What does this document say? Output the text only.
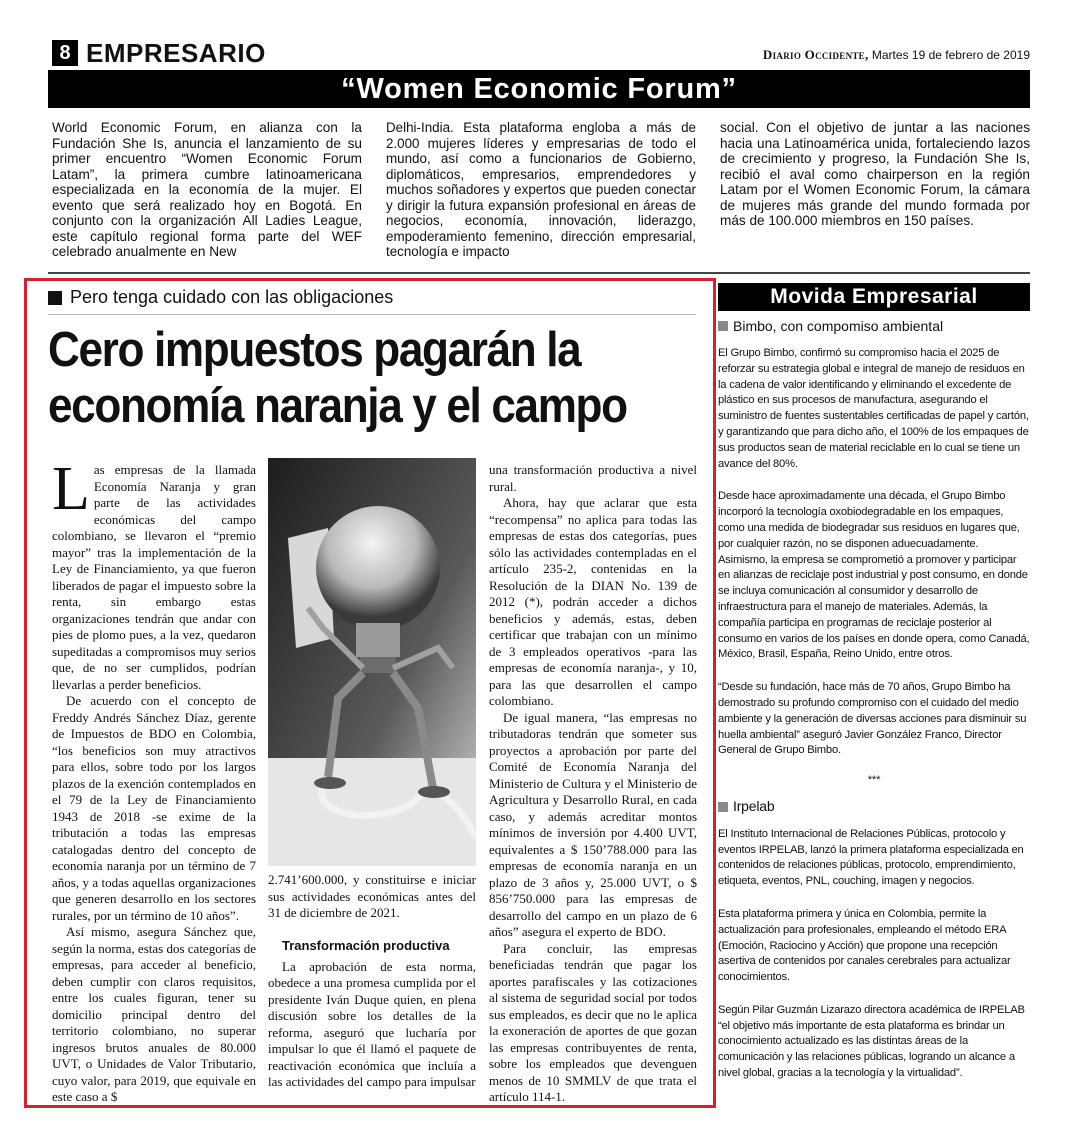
8 EMPRESARIO	Diario Occidente, Martes 19 de febrero de 2019
“Women Economic Forum”
World Economic Forum, en alianza con la Fundación She Is, anuncia el lanzamiento de su primer encuentro “Women Economic Forum Latam”, la primera cumbre latinoamericana especializada en la economía de la mujer. El evento que será realizado hoy en Bogotá. En conjunto con la organización All Ladies League, este capítulo regional forma parte del WEF celebrado anualmente en New
Delhi-India. Esta plataforma engloba a más de 2.000 mujeres líderes y empresarias de todo el mundo, así como a funcionarios de Gobierno, diplomáticos, empresarios, emprendedores y muchos soñadores y expertos que pueden conectar y dirigir la futura expansión profesional en áreas de negocios, economía, innovación, liderazgo, empoderamiento femenino, dirección empresarial, tecnología e impacto
social. Con el objetivo de juntar a las naciones hacia una Latinoamérica unida, fortaleciendo lazos de crecimiento y progreso, la Fundación She Is, recibió el aval como chairperson en la región Latam por el Women Economic Forum, la cámara de mujeres más grande del mundo formada por más de 100.000 miembros en 150 países.
Pero tenga cuidado con las obligaciones
Cero impuestos pagarán la economía naranja y el campo

Las empresas de la llamada Economía Naranja y gran parte de las actividades económicas del campo colombiano, se llevaron el “premio mayor” tras la implementación de la Ley de Financiamiento, ya que fueron liberados de pagar el impuesto sobre la renta, sin embargo estas organizaciones tendrán que andar con pies de plomo pues, a la vez, quedaron supeditadas a compromisos muy serios que, de no ser cumplidos, podrían llevarlas a perder beneficios.

De acuerdo con el concepto de Freddy Andrés Sánchez Díaz, gerente de Impuestos de BDO en Colombia, “los beneficios son muy atractivos para ellos, sobre todo por los largos plazos de la exención contemplados en el 79 de la Ley de Financiamiento 1943 de 2018 -se exime de la tributación a todas las empresas catalogadas dentro del concepto de economía naranja por un término de 7 años, y a todas aquellas organizaciones que generen desarrollo en los sectores rurales, por un término de 10 años”.

Así mismo, asegura Sánchez que, según la norma, estas dos categorías de empresas, para acceder al beneficio, deben cumplir con claros requisitos, entre los cuales figuran, tener su domicilio principal dentro del territorio colombiano, no superar ingresos brutos anuales de 80.000 UVT, o Unidades de Valor Tributario, cuyo valor, para 2019, que equivale en este caso a $

2.741’600.000, y constituirse e iniciar sus actividades económicas antes del 31 de diciembre de 2021.

Transformación productiva

La aprobación de esta norma, obedece a una promesa cumplida por el presidente Iván Duque quien, en plena discusión sobre los detalles de la reforma, aseguró que lucharía por impulsar lo que él llamó el paquete de reactivación económica que incluía a las actividades del campo para impulsar

una transformación productiva a nivel rural.

Ahora, hay que aclarar que esta “recompensa” no aplica para todas las empresas de estas dos categorías, pues sólo las actividades contempladas en el artículo 235-2, contenidas en la Resolución de la DIAN No. 139 de 2012 (*), podrán acceder a dichos beneficios y además, estas, deben certificar que trabajan con un mínimo de 3 empleados operativos -para las empresas de economía naranja-, y 10, para las que desarrollen el campo colombiano.

De igual manera, “las empresas no tributadoras tendrán que someter sus proyectos a aprobación por parte del Comité de Economía Naranja del Ministerio de Cultura y el Ministerio de Agricultura y Desarrollo Rural, en cada caso, y además acreditar montos mínimos de inversión por 4.400 UVT, equivalentes a $ 150’788.000 para las empresas de economía naranja en un plazo de 3 años y, 25.000 UVT, o $ 856’750.000 para las empresas de desarrollo del campo en un plazo de 6 años” asegura el experto de BDO.

Para concluir, las empresas beneficiadas tendrán que pagar los aportes parafiscales y las cotizaciones al sistema de seguridad social por todos sus empleados, es decir que no le aplica la exoneración de aportes de que gozan las empresas contribuyentes de renta, sobre los empleados que devenguen menos de 10 SMMLV de que trata el artículo 114-1.

Movida Empresarial
Bimbo, con compomiso ambiental

El Grupo Bimbo, confirmó su compromiso hacia el 2025 de reforzar su estrategia global e integral de manejo de residuos en la cadena de valor identificando y eliminando el excedente de plástico en sus procesos de manufactura, asegurando el suministro de fuentes sustentables certificadas de papel y cartón, y garantizando que para dicho año, el 100% de los empaques de sus productos sean de material reciclable en lo cual se tiene un avance del 80%.

Desde hace aproximadamente una década, el Grupo Bimbo incorporó la tecnología oxobiodegradable en los empaques, como una medida de biodegradar sus residuos en lugares que, por cualquier razón, no se disponen aduecuadamente. Asimismo, la empresa se comprometió a promover y participar en alianzas de reciclaje post industrial y post consumo, en donde se incluya comunicación al consumidor y desarrollo de infraestructura para el manejo de materiales. Además, la compañía participa en programas de reciclaje posterior al consumo en varios de los países en donde opera, como Canadá, México, Brasil, España, Reino Unido, entre otros.

“Desde su fundación, hace más de 70 años, Grupo Bimbo ha demostrado su profundo compromiso con el cuidado del medio ambiente y la generación de diversas acciones para disminuir su huella ambiental” aseguró Javier González Franco, Director General de Grupo Bimbo.

***
Irpelab

El Instituto Internacional de Relaciones Públicas, protocolo y eventos IRPELAB, lanzó la primera plataforma especializada en contenidos de relaciones públicas, protocolo, emprendimiento, etiqueta, eventos, PNL, couching, imagen y negocios.

Esta plataforma primera y única en Colombia, permite la actualización para profesionales, empleando el método ERA (Emoción, Raciocino y Acción) que propone una recepción asertiva de contenidos por canales cerebrales para actualizar conocimientos.

Según Pilar Guzmán Lizarazo directora académica de IRPELAB “el objetivo más importante de esta plataforma es brindar un conocimiento actualizado es las distintas áreas de la comunicación y las relaciones públicas, logrando un alcance a nivel global, gracias a la tecnología y la virtualidad”.
